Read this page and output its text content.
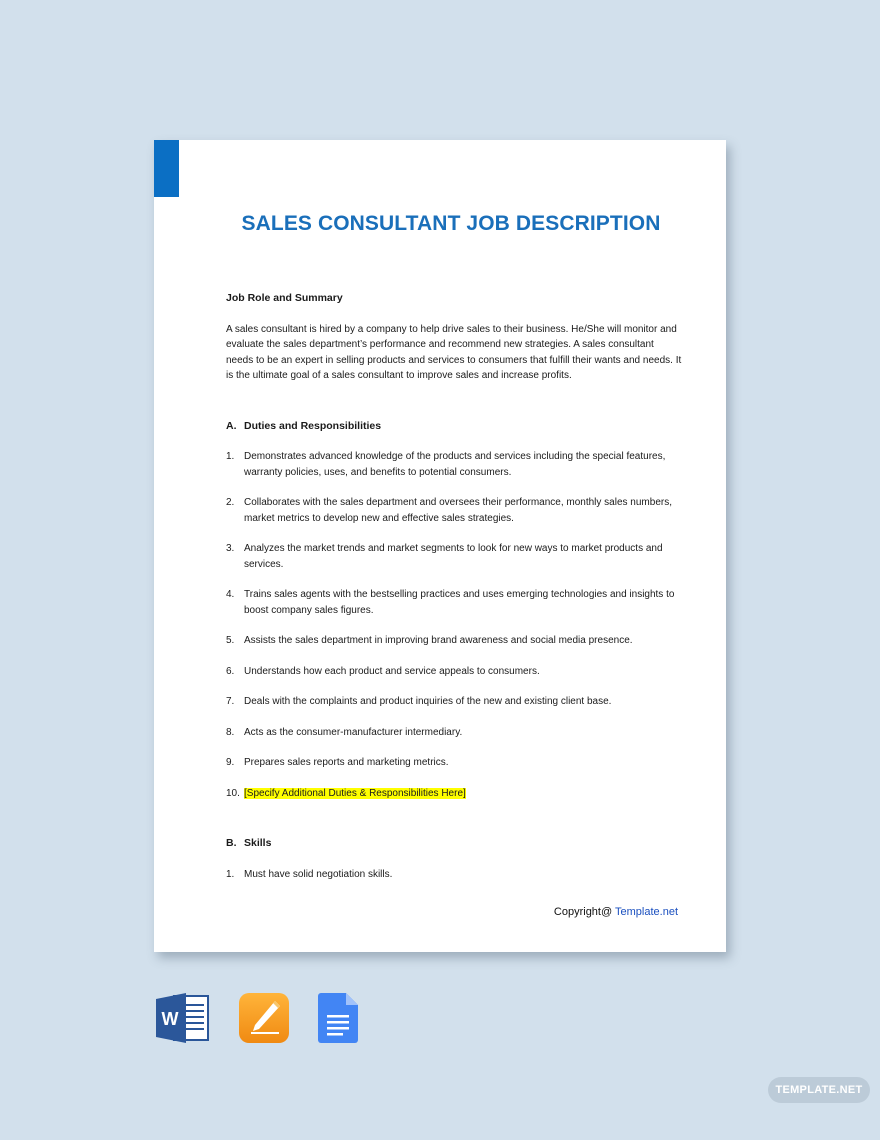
SALES CONSULTANT JOB DESCRIPTION

Job Role and Summary

A sales consultant is hired by a company to help drive sales to their business. He/She will monitor and evaluate the sales department’s performance and recommend new strategies. A sales consultant needs to be an expert in selling products and services to consumers that fulfill their wants and needs. It is the ultimate goal of a sales consultant to improve sales and increase profits.

A. Duties and Responsibilities
1. Demonstrates advanced knowledge of the products and services including the special features, warranty policies, uses, and benefits to potential consumers.
2. Collaborates with the sales department and oversees their performance, monthly sales numbers, market metrics to develop new and effective sales strategies.
3. Analyzes the market trends and market segments to look for new ways to market products and services.
4. Trains sales agents with the bestselling practices and uses emerging technologies and insights to boost company sales figures.
5. Assists the sales department in improving brand awareness and social media presence.
6. Understands how each product and service appeals to consumers.
7. Deals with the complaints and product inquiries of the new and existing client base.
8. Acts as the consumer-manufacturer intermediary.
9. Prepares sales reports and marketing metrics.
10. [Specify Additional Duties & Responsibilities Here]
B. Skills
1. Must have solid negotiation skills.
Copyright@ Template.net
W
TEMPLATE.NET
